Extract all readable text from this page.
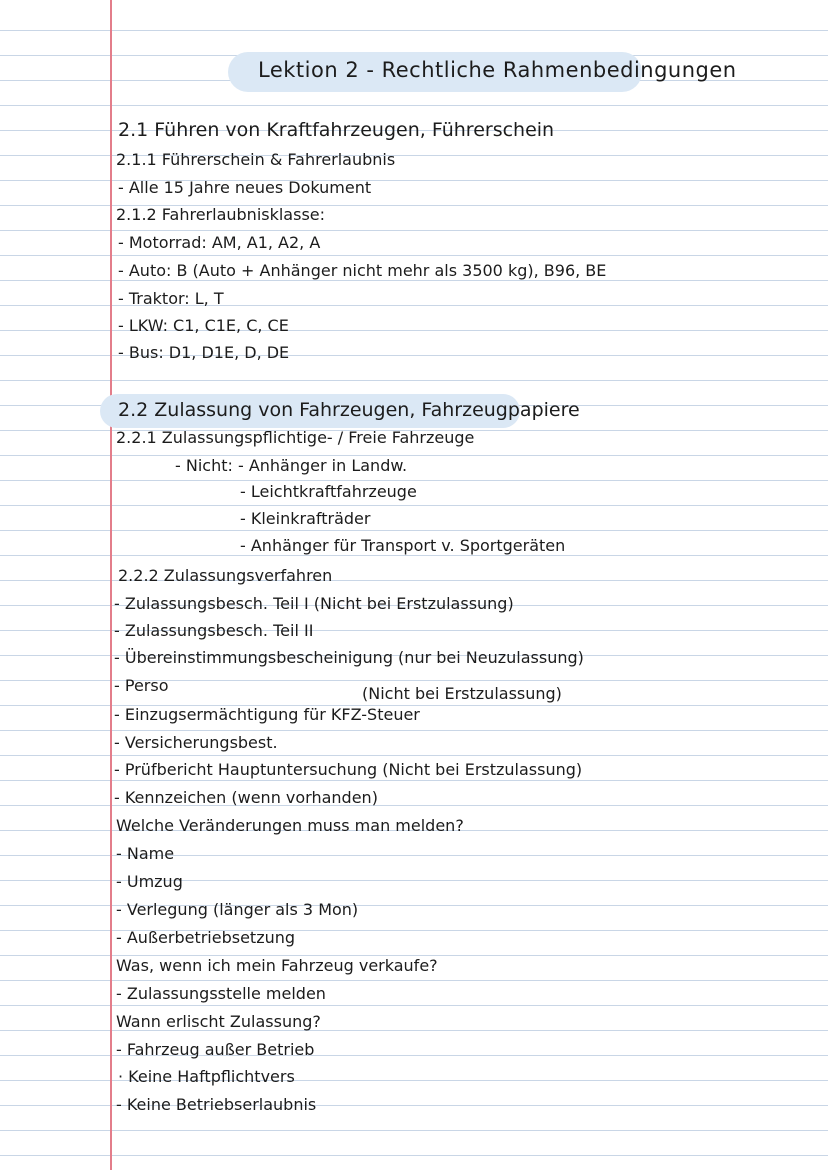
Lektion 2 - Rechtliche Rahmenbedingungen
2.1 Führen von Kraftfahrzeugen, Führerschein
2.1.1 Führerschein & Fahrerlaubnis
- Alle 15 Jahre neues Dokument
2.1.2 Fahrerlaubnisklasse:
- Motorrad: AM, A1, A2, A
- Auto: B (Auto + Anhänger nicht mehr als 3500 kg), B96, BE
- Traktor: L, T
- LKW: C1, C1E, C, CE
- Bus: D1, D1E, D, DE
2.2 Zulassung von Fahrzeugen, Fahrzeugpapiere
2.2.1 Zulassungspflichtige- / Freie Fahrzeuge
- Nicht: - Anhänger in Landw.
- Leichtkraftfahrzeuge
- Kleinkrafträder
- Anhänger für Transport v. Sportgeräten
2.2.2 Zulassungsverfahren
- Zulassungsbesch. Teil I (Nicht bei Erstzulassung)
- Zulassungsbesch. Teil II
- Übereinstimmungsbescheinigung (nur bei Neuzulassung)
- Perso	(Nicht bei Erstzulassung)
- Einzugsermächtigung für KFZ-Steuer
- Versicherungsbest.
- Prüfbericht Hauptuntersuchung (Nicht bei Erstzulassung)
- Kennzeichen (wenn vorhanden)
Welche Veränderungen muss man melden?
- Name
- Umzug
- Verlegung (länger als 3 Mon)
- Außerbetriebsetzung
Was, wenn ich mein Fahrzeug verkaufe?
- Zulassungsstelle melden
Wann erlischt Zulassung?
- Fahrzeug außer Betrieb
· Keine Haftpflichtvers
- Keine Betriebserlaubnis
